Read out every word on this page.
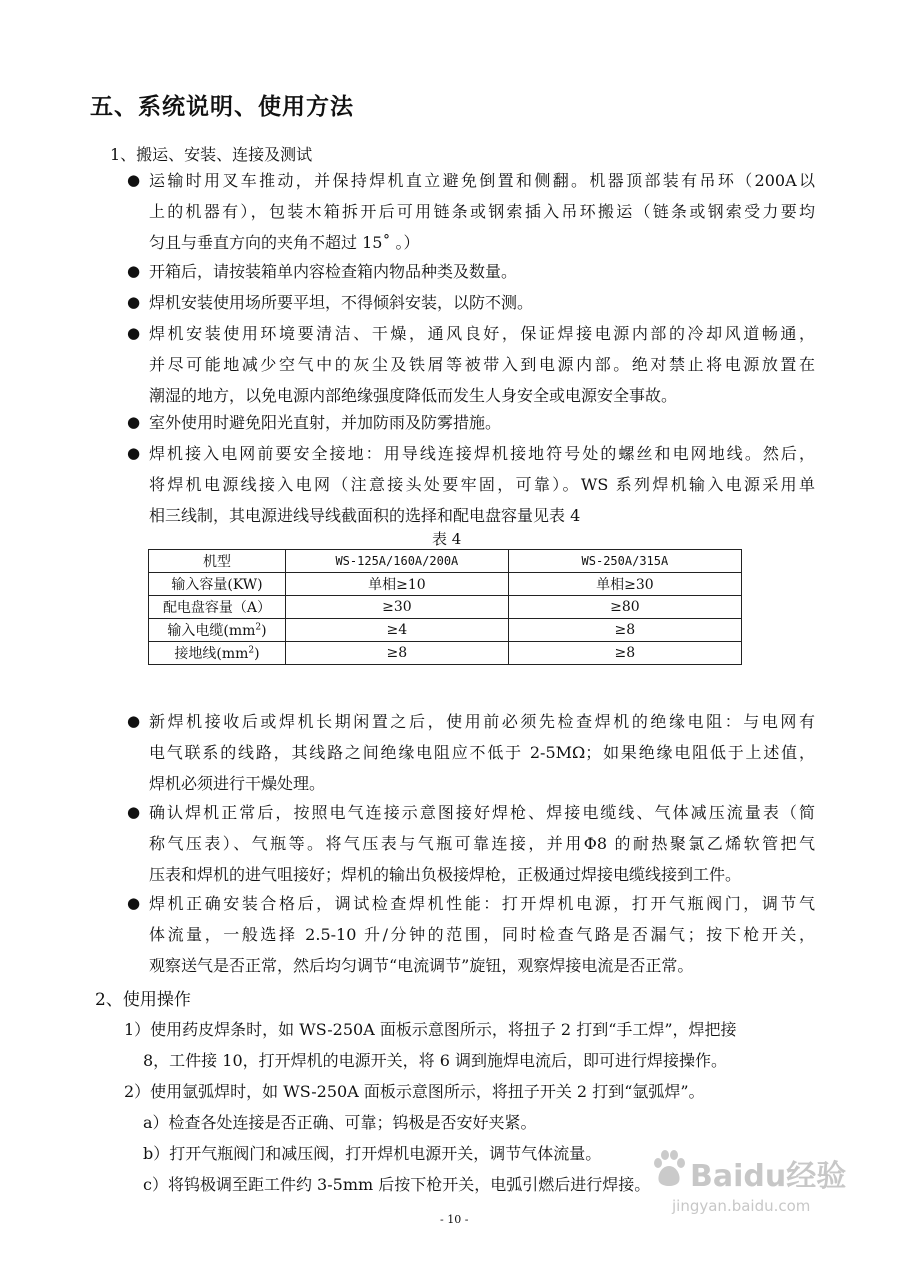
五、系统说明、使用方法
1、搬运、安装、连接及测试
● 运输时用叉车推动，并保持焊机直立避免倒置和侧翻。机器顶部装有吊环（200A以
上的机器有），包装木箱拆开后可用链条或钢索插入吊环搬运（链条或钢索受力要均
匀且与垂直方向的夹角不超过 15˚ 。）
● 开箱后，请按装箱单内容检查箱内物品种类及数量。
● 焊机安装使用场所要平坦，不得倾斜安装，以防不测。
● 焊机安装使用环境要清洁、干燥，通风良好，保证焊接电源内部的冷却风道畅通，
并尽可能地减少空气中的灰尘及铁屑等被带入到电源内部。绝对禁止将电源放置在
潮湿的地方，以免电源内部绝缘强度降低而发生人身安全或电源安全事故。
● 室外使用时避免阳光直射，并加防雨及防雾措施。
● 焊机接入电网前要安全接地：用导线连接焊机接地符号处的螺丝和电网地线。然后，
将焊机电源线接入电网（注意接头处要牢固，可靠）。WS 系列焊机输入电源采用单
相三线制，其电源进线导线截面积的选择和配电盘容量见表 4
表 4
机型	WS-125A/160A/200A	WS-250A/315A
输入容量(KW)	单相≥10	单相≥30
配电盘容量（A）	≥30	≥80
输入电缆$(mm^2)$	≥4	≥8
接地线$(mm^2)$	≥8	≥8
● 新焊机接收后或焊机长期闲置之后，使用前必须先检查焊机的绝缘电阻：与电网有
电气联系的线路，其线路之间绝缘电阻应不低于 2-5MΩ；如果绝缘电阻低于上述值，
焊机必须进行干燥处理。
● 确认焊机正常后，按照电气连接示意图接好焊枪、焊接电缆线、气体减压流量表（简
称气压表）、气瓶等。将气压表与气瓶可靠连接，并用Φ8 的耐热聚氯乙烯软管把气
压表和焊机的进气咀接好；焊机的输出负极接焊枪，正极通过焊接电缆线接到工件。
● 焊机正确安装合格后，调试检查焊机性能：打开焊机电源，打开气瓶阀门，调节气
体流量，一般选择 2.5-10 升/分钟的范围，同时检查气路是否漏气；按下枪开关，
观察送气是否正常，然后均匀调节“电流调节”旋钮，观察焊接电流是否正常。
2、使用操作
1）使用药皮焊条时，如 WS-250A 面板示意图所示，将扭子 2 打到“手工焊”，焊把接
8，工件接 10，打开焊机的电源开关，将 6 调到施焊电流后，即可进行焊接操作。
2）使用氩弧焊时，如 WS-250A 面板示意图所示，将扭子开关 2 打到“氩弧焊”。
a）检查各处连接是否正确、可靠；钨极是否安好夹紧。
b）打开气瓶阀门和减压阀，打开焊机电源开关，调节气体流量。
c）将钨极调至距工件约 3-5mm 后按下枪开关，电弧引燃后进行焊接。
- 10 -
Baidu经验
jingyan.baidu.com
